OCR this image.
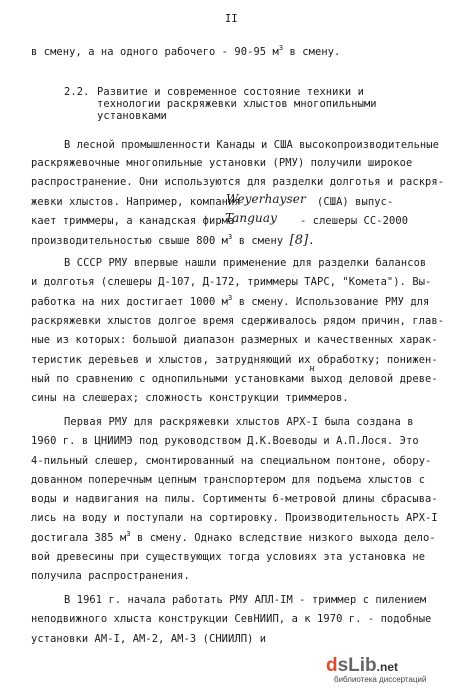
II
в смену, а на одного рабочего - 90-95 $м^3$ в смену.
2.2. Развитие и современное состояние техники и
технологии раскряжевки хлыстов многопильными
установками
В лесной промышленности Канады и США высокопроизводительные
раскряжевочные многопильные установки (РМУ) получили широкое
распространение. Они используются для разделки долготья и раскря-
жевки хлыстов. Например, компания
Weyerhayser (США) выпус-
кает триммеры, а канадская фирма
Tanguay - слешеры СС-2000
производительностью свыше 800 $м^3$ в смену [8].
В СССР РМУ впервые нашли применение для разделки балансов
и долготья (слешеры Д-107, Д-172, триммеры ТАРС, "Комета"). Вы-
работка на них достигает 1000 $м^3$ в смену. Использование РМУ для
раскряжевки хлыстов долгое время сдерживалось рядом причин, глав-
ные из которых: большой диапазон размерных и качественных харак-
теристик деревьев и хлыстов, затрудняющий их обработку; понижен-
ный по сравнению с однопильными установками выход деловой древе-
н
сины на слешерах; сложность конструкции триммеров.
Первая РМУ для раскряжевки хлыстов АРХ-I была создана в
1960 г. в ЦНИИМЭ под руководством Д.К.Воеводы и А.П.Лося. Это
4-пильный слешер, смонтированный на специальном понтоне, обору-
дованном поперечным цепным транспортером для подъема хлыстов с
воды и надвигания на пилы. Сортименты 6-метровой длины сбрасыва-
лись на воду и поступали на сортировку. Производительность АРХ-I
достигала 385 $м^3$ в смену. Однако вследствие низкого выхода делo-
вой древесины при существующих тогда условиях эта установка не
получила распространения.
В 1961 г. начала работать РМУ АПЛ-IM - триммер с пилением
неподвижного хлыста конструкции СевНИИП, а к 1970 г. - подобные
установки АМ-I, АМ-2, АМ-3 (СНИИЛП) и
dsLib.net
библиотека диссертаций
